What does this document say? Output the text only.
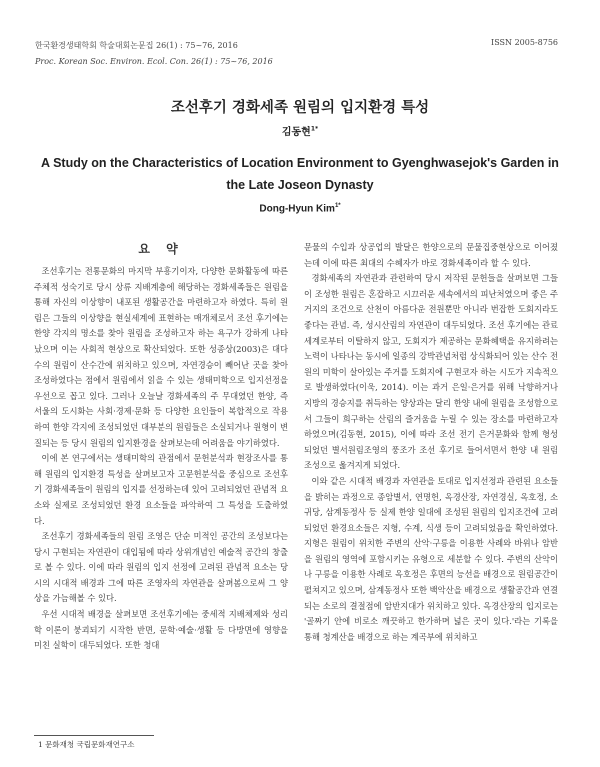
한국환경생태학회 학술대회논문집 26(1) : 75~76, 2016
Proc. Korean Soc. Environ. Ecol. Con. 26(1) : 75~76, 2016
ISSN 2005-8756
조선후기 경화세족 원림의 입지환경 특성
김동현$^{1*}$
A Study on the Characteristics of Location Environment to Gyenghwasejok's Garden in the Late Joseon Dynasty
Dong-Hyun Kim$^{1*}$
요 약

조선후기는 전통문화의 마지막 부흥기이자, 다양한 문화활동에 따른 주체적 성숙기로 당시 상류 지배계층에 해당하는 경화세족들은 원림을 통해 자신의 이상향이 내포된 생활공간을 마련하고자 하였다. 특히 원림은 그들의 이상향을 현실세계에 표현하는 매개체로서 조선 후기에는 한양 각지의 명소를 찾아 원림을 조성하고자 하는 욕구가 강하게 나타났으며 이는 사회적 현상으로 확산되었다. 또한 성종상(2003)은 대다수의 원림이 산수간에 위치하고 있으며, 자연경승이 빼어난 곳을 찾아 조성하였다는 점에서 원림에서 읽을 수 있는 생태미학으로 입지선정을 우선으로 꼽고 있다. 그러나 오늘날 경화세족의 주 무대였던 한양, 즉 서울의 도시화는 사회·경제·문화 등 다양한 요인들이 복합적으로 작용하여 한양 각지에 조성되었던 대부분의 원림들은 소실되거나 원형이 변질되는 등 당시 원림의 입지환경을 살펴보는데 어려움을 야기하였다.

이에 본 연구에서는 생태미학의 관점에서 문헌분석과 현장조사를 통해 원림의 입지환경 특성을 살펴보고자 고문헌분석을 중심으로 조선후기 경화세족들이 원림의 입지를 선정하는데 있어 고려되었던 관념적 요소와 실제로 조성되었던 환경 요소들을 파악하여 그 특성을 도출하였다.

조선후기 경화세족들의 원림 조영은 단순 미적인 공간의 조성보다는 당시 구현되는 자연관이 대입됨에 따라 상위개념인 예술적 공간의 창출로 볼 수 있다. 이에 따라 원림의 입지 선정에 고려된 관념적 요소는 당시의 시대적 배경과 그에 따른 조영자의 자연관을 살펴봄으로써 그 양상을 가늠해볼 수 있다.

우선 시대적 배경을 살펴보면 조선후기에는 중세적 지배체제와 성리학 이론이 붕괴되기 시작한 반면, 문학·예술·생활 등 다방면에 영향을 미친 실학이 대두되었다. 또한 청대

문물의 수입과 상공업의 발달은 한양으로의 문물집중현상으로 이어졌는데 이에 따른 최대의 수혜자가 바로 경화세족이라 할 수 있다.

경화세족의 자연관과 관련하여 당시 저작된 문헌들을 살펴보면 그들이 조성한 원림은 혼잡하고 시끄러운 세속에서의 피난처였으며 좋은 주거지의 조건으로 산천이 아름다운 전원뿐만 아니라 번잡한 도회지라도 좋다는 관념. 즉, 성시산림의 자연관이 대두되었다. 조선 후기에는 관료세계로부터 이탈하지 않고, 도회지가 제공하는 문화혜택을 유지하려는 노력이 나타나는 동시에 일종의 강박관념처럼 상식화되어 있는 산수 전원의 미학이 살아있는 주거를 도회지에 구현코자 하는 시도가 지속적으로 발생하였다(이욱, 2014). 이는 과거 은일·은거를 위해 낙향하거나 지방의 경승지를 취득하는 양상과는 달리 한양 내에 원림을 조성함으로서 그들이 희구하는 산림의 즐거움을 누릴 수 있는 장소를 마련하고자 하였으며(김동현, 2015), 이에 따라 조선 전기 은거문화와 함께 형성되었던 별서원림조영의 풍조가 조선 후기로 들어서면서 한양 내 원림 조성으로 옮겨지게 되었다.

이와 같은 시대적 배경과 자연관을 토대로 입지선정과 관련된 요소들을 밝히는 과정으로 종암별서, 연명헌, 옥경산장, 자연경실, 옥호정, 소귀당, 삼계동정사 등 실제 한양 일대에 조성된 원림의 입지조건에 고려되었던 환경요소들은 지형, 수계, 식생 등이 고려되었음을 확인하였다. 지형은 원림이 위치한 주변의 산악·구릉을 이용한 사례와 바위나 암반을 원림의 영역에 포함시키는 유형으로 세분할 수 있다. 주변의 산악이나 구릉을 이용한 사례로 옥호정은 후면의 능선을 배경으로 원림공간이 펼쳐지고 있으며, 삼계동정사 또한 백악산을 배경으로 생활공간과 연결되는 소로의 결절점에 암반지대가 위치하고 있다. 옥경산장의 입지로는 '골짜기 안에 비로소 깨끗하고 한가하며 넓은 곳이 있다.'라는 기록을 통해 청계산을 배경으로 하는 계곡부에 위치하고

1 문화재청 국립문화재연구소
